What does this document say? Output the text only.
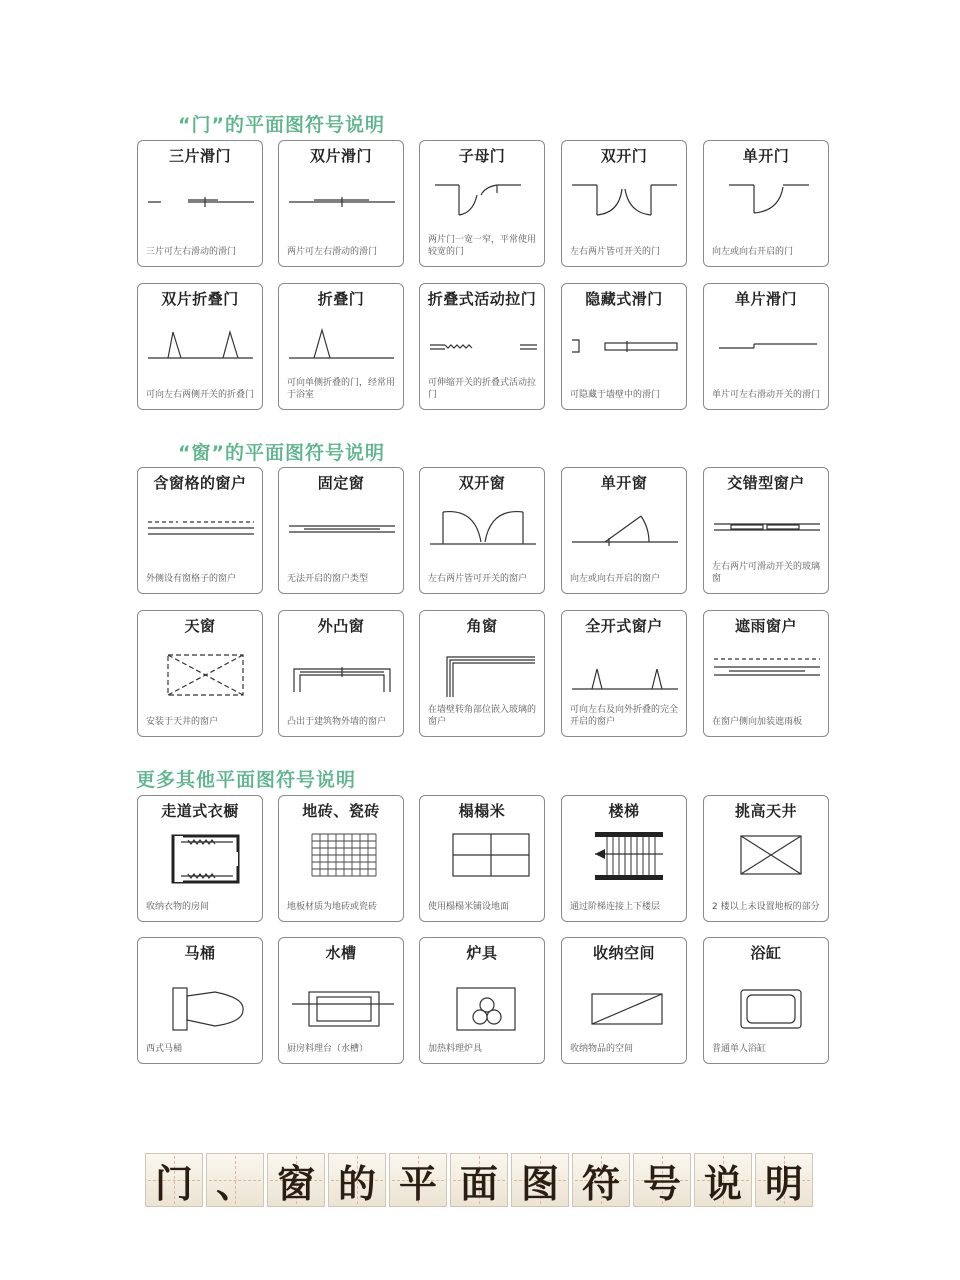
“门”的平面图符号说明
“窗”的平面图符号说明
更多其他平面图符号说明
三片滑门
三片可左右滑动的滑门
双片滑门
两片可左右滑动的滑门
子母门
两片门一宽一窄，平常使用较宽的门
双开门
左右两片皆可开关的门
单开门
向左或向右开启的门
双片折叠门
可向左右两侧开关的折叠门
折叠门
可向单侧折叠的门，经常用于浴室
折叠式活动拉门
可伸缩开关的折叠式活动拉门
隐藏式滑门
可隐藏于墙壁中的滑门
单片滑门
单片可左右滑动开关的滑门
含窗格的窗户
外侧设有窗格子的窗户
固定窗
无法开启的窗户类型
双开窗
左右两片皆可开关的窗户
单开窗
向左或向右开启的窗户
交错型窗户
左右两片可滑动开关的玻璃窗
天窗
安装于天井的窗户
外凸窗
凸出于建筑物外墙的窗户
角窗
在墙壁转角部位嵌入玻璃的窗户
全开式窗户
可向左右及向外折叠的完全开启的窗户
遮雨窗户
在窗户侧向加装遮雨板
走道式衣橱
收纳衣物的房间
地砖、瓷砖
地板材质为地砖或瓷砖
榻榻米
使用榻榻米铺设地面
楼梯
通过阶梯连接上下楼层
挑高天井
2 楼以上未设置地板的部分
马桶
西式马桶
水槽
厨房料理台（水槽）
炉具
加热料理炉具
收纳空间
收纳物品的空间
浴缸
普通单人浴缸
门 、 窗 的 平 面 图 符 号 说 明
